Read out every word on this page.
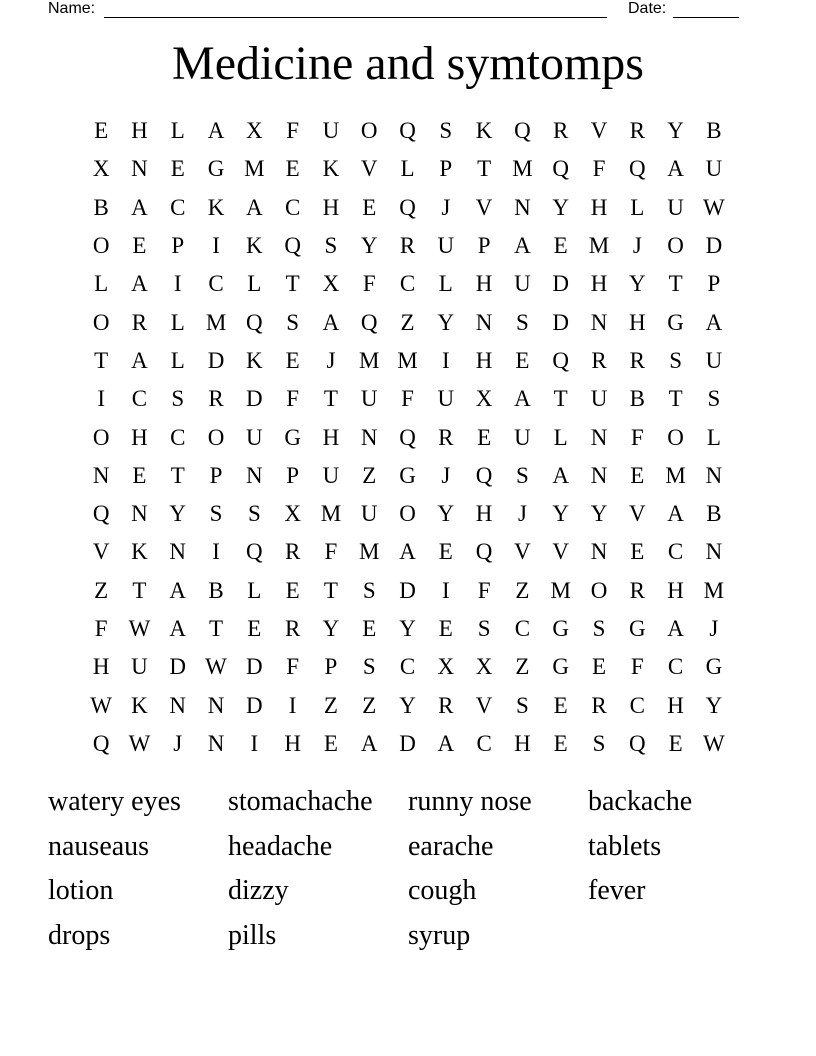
Name:	Date:
Medicine and symtomps
E H L A X	F	U O Q	S	K Q R V R Y B
X N E G M E K V L	P	T M Q	F	Q A U
B A C K A C H E Q	J	V N Y H L U W
O E	P	I	K Q	S	Y R U	P	A E M	J	O D
L A	I	C	L	T X	F	C	L H U D H Y T	P
O R	L M Q	S	A Q Z Y N	S	D N H G A
T A L D K E	J	M M	I	H E Q R R	S	U
I	C	S	R D	F	T U	F	U X A T U B	T	S
O H C O U G H N Q R	E U L N	F	O L
N E	T	P	N	P	U Z G	J	Q	S	A N E M N
Q N Y	S	S	X M U O Y H	J	Y Y V A B
V K N	I	Q R	F M A E Q V V N E	C N
Z	T A B	L	E	T	S	D	I	F	Z M O R H M
F W A T	E	R Y E Y E	S	C G	S	G A	J
H U D W D	F	P	S	C X X Z G E	F	C G
W K N N D	I	Z	Z Y R V	S	E	R C H Y
Q W J	N	I	H E A D A C H E	S	Q E W
watery eyes	stomachache	runny nose	backache
nauseaus	headache	earache	tablets
lotion	dizzy	cough	fever
drops	pills	syrup
